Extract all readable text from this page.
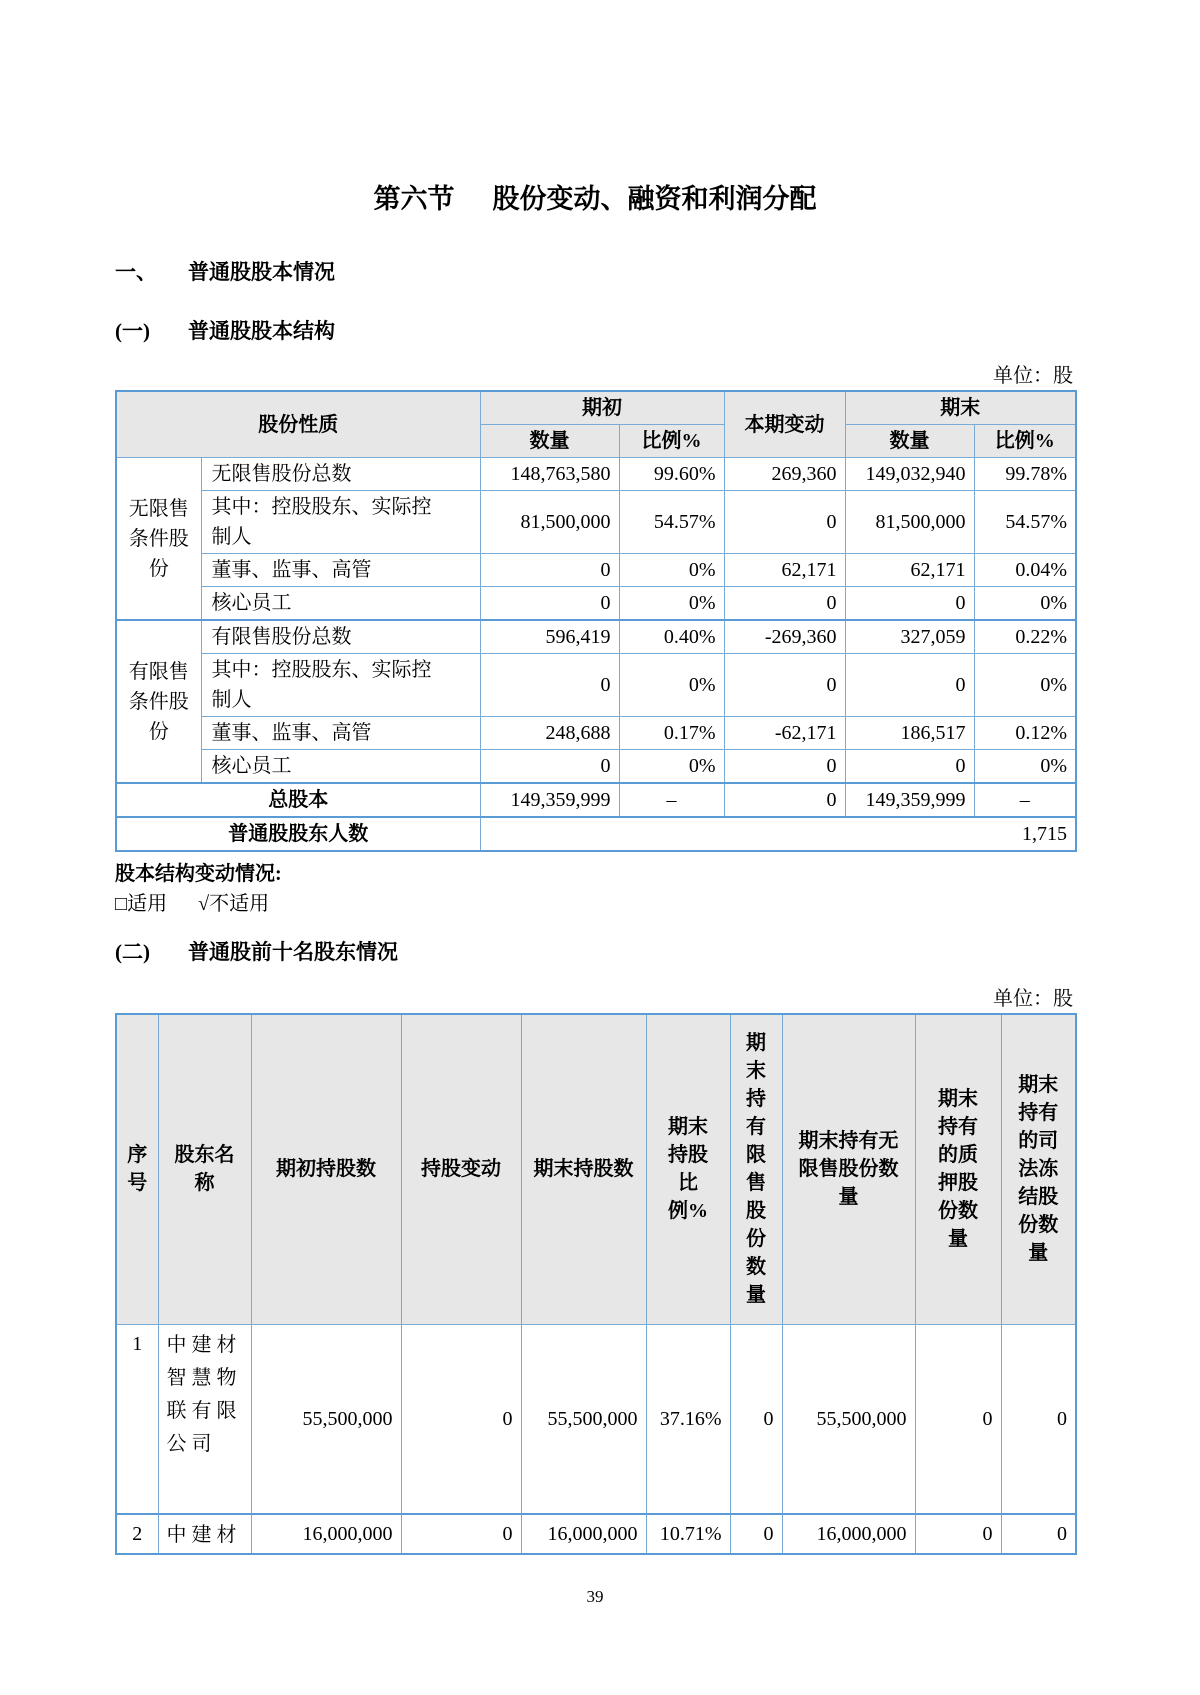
第六节 股份变动、融资和利润分配
一、	普通股股本情况
(一)	普通股股本结构
单位：股
股份性质		期初		本期变动	期末	
		数量	比例%		数量	比例%
无限售条件股份	无限售股份总数	148,763,580	99.60%	269,360	149,032,940	99.78%
	其中：控股股东、实际控制人	81,500,000	54.57%	0	81,500,000	54.57%
	董事、监事、高管	0	0%	62,171	62,171	0.04%
	核心员工	0	0%	0	0	0%
有限售条件股份	有限售股份总数	596,419	0.40%	-269,360	327,059	0.22%
	其中：控股股东、实际控制人	0	0%	0	0	0%
	董事、监事、高管	248,688	0.17%	-62,171	186,517	0.12%
	核心员工	0	0%	0	0	0%
总股本		149,359,999	–	0	149,359,999	–
普通股股东人数		1,715				
股本结构变动情况:
□适用 √不适用
(二)	普通股前十名股东情况
单位：股
序号	股东名称	期初持股数	持股变动	期末持股数	期末持股比例%	期末持有限售股份数量	期末持有无限售股份数量	期末持有的质押股份数量	期末持有的司法冻结股份数量
1	中建材智慧物联有限公司	55,500,000	0	55,500,000	37.16%	0	55,500,000	0	0
2	中建材	16,000,000	0	16,000,000	10.71%	0	16,000,000	0	0
39
